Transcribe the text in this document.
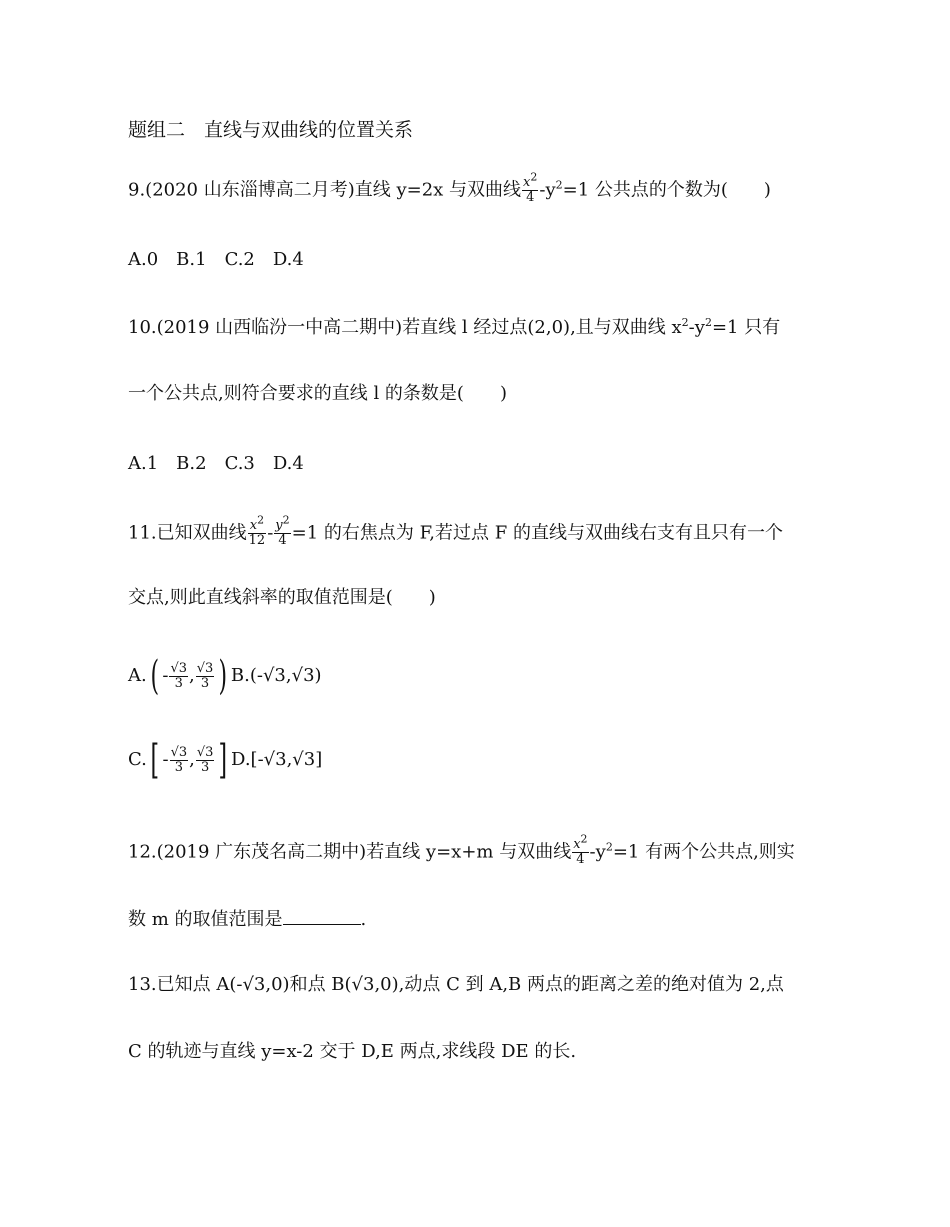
题组二　直线与双曲线的位置关系
9.(2020 山东淄博高二月考)直线 y=2x 与双曲线 $\frac{x^2}{4} -y^2=1$ 公共点的个数为(　　)
A.0　B.1　C.2　D.4
10.(2019 山西临汾一中高二期中)若直线 l 经过点(2,0),且与双曲线 $x^2-y^2=1$ 只有
一个公共点,则符合要求的直线 l 的条数是(　　)
A.1　B.2　C.3　D.4
11.已知双曲线 $\frac{x^2}{12} - \frac{y^2}{4} =1$ 的右焦点为 F,若过点 F 的直线与双曲线右支有且只有一个
交点,则此直线斜率的取值范围是(　　)
$A.( - \frac{√3}{3}$ , $\frac{√3}{3}$ ) B.(-√3,√3)
$C.[ - \frac{√3}{3}$ , $\frac{√3}{3}$ ] D.[-√3,√3]
12.(2019 广东茂名高二期中)若直线 y=x+m 与双曲线 $\frac{x^2}{4} -y^2=1$ 有两个公共点,则实
数 m 的取值范围是	.
13.已知点 A(-√3,0)和点 B(√3,0),动点 C 到 A,B 两点的距离之差的绝对值为 2,点
C 的轨迹与直线 y=x-2 交于 D,E 两点,求线段 DE 的长.
